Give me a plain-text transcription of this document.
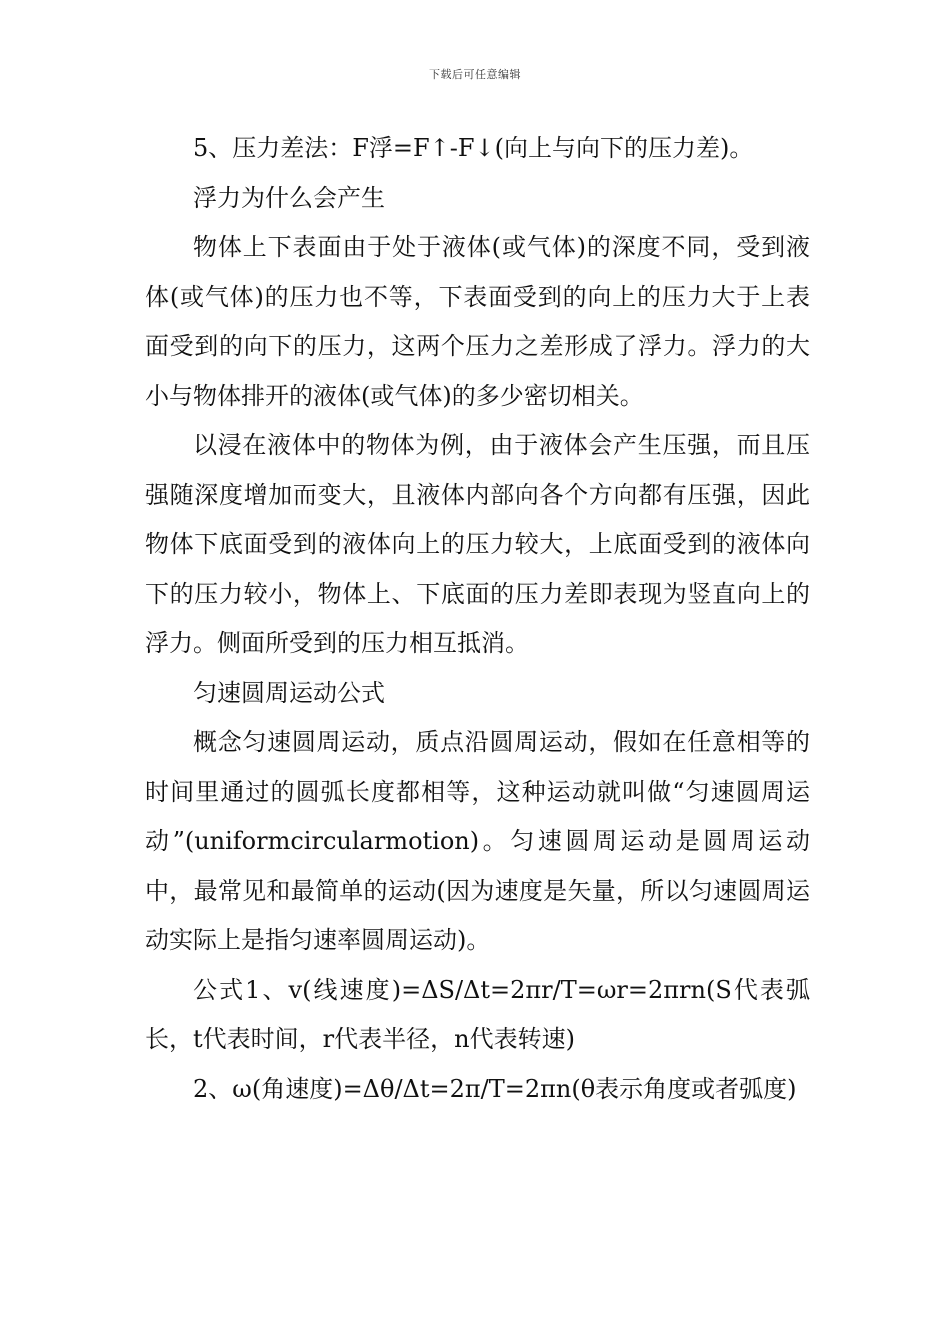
下载后可任意编辑

5、压力差法：F浮=F↑-F↓(向上与向下的压力差)。

浮力为什么会产生

物体上下表面由于处于液体(或气体)的深度不同，受到液体(或气体)的压力也不等，下表面受到的向上的压力大于上表面受到的向下的压力，这两个压力之差形成了浮力。浮力的大小与物体排开的液体(或气体)的多少密切相关。

以浸在液体中的物体为例，由于液体会产生压强，而且压强随深度增加而变大，且液体内部向各个方向都有压强，因此物体下底面受到的液体向上的压力较大，上底面受到的液体向下的压力较小，物体上、下底面的压力差即表现为竖直向上的浮力。侧面所受到的压力相互抵消。

匀速圆周运动公式

概念匀速圆周运动，质点沿圆周运动，假如在任意相等的时间里通过的圆弧长度都相等，这种运动就叫做“匀速圆周运动”(uniformcircularmotion)。匀速圆周运动是圆周运动中，最常见和最简单的运动(因为速度是矢量，所以匀速圆周运动实际上是指匀速率圆周运动)。

公式1、v(线速度)=ΔS/Δt=2πr/T=ωr=2πrn(S代表弧长，t代表时间，r代表半径，n代表转速)

2、ω(角速度)=Δθ/Δt=2π/T=2πn(θ表示角度或者弧度)
